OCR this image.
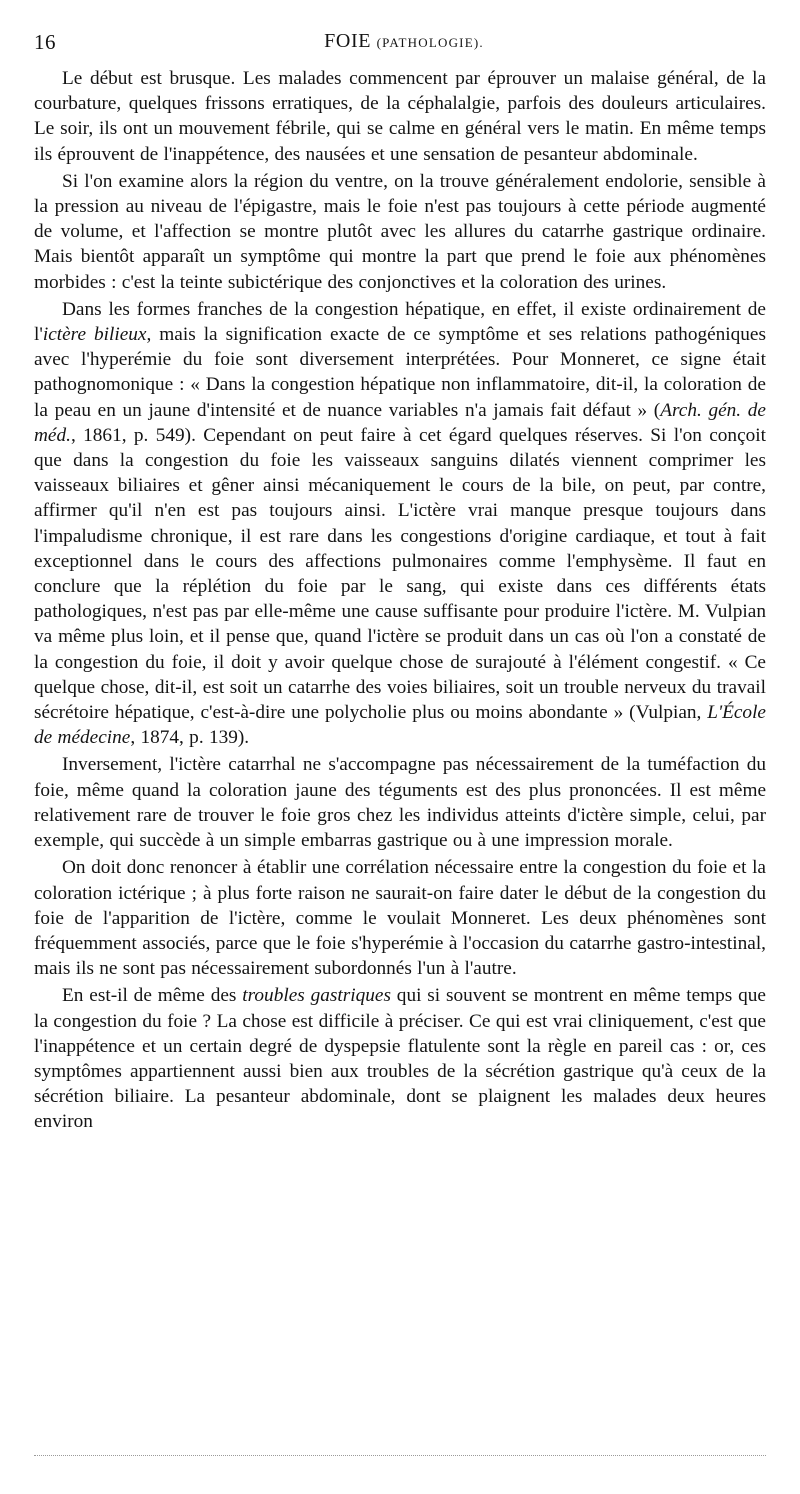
16	FOIE (PATHOLOGIE).

Le début est brusque. Les malades commencent par éprouver un malaise général, de la courbature, quelques frissons erratiques, de la céphalalgie, parfois des douleurs articulaires. Le soir, ils ont un mouvement fébrile, qui se calme en général vers le matin. En même temps ils éprouvent de l'inappétence, des nausées et une sensation de pesanteur abdominale.

Si l'on examine alors la région du ventre, on la trouve généralement endolorie, sensible à la pression au niveau de l'épigastre, mais le foie n'est pas toujours à cette période augmenté de volume, et l'affection se montre plutôt avec les allures du catarrhe gastrique ordinaire. Mais bientôt apparaît un symptôme qui montre la part que prend le foie aux phénomènes morbides : c'est la teinte subictérique des conjonctives et la coloration des urines.

Dans les formes franches de la congestion hépatique, en effet, il existe ordinairement de l'ictère bilieux, mais la signification exacte de ce symptôme et ses relations pathogéniques avec l'hyperémie du foie sont diversement interprétées. Pour Monneret, ce signe était pathognomonique : « Dans la congestion hépatique non inflammatoire, dit-il, la coloration de la peau en un jaune d'intensité et de nuance variables n'a jamais fait défaut » (Arch. gén. de méd., 1861, p. 549). Cependant on peut faire à cet égard quelques réserves. Si l'on conçoit que dans la congestion du foie les vaisseaux sanguins dilatés viennent comprimer les vaisseaux biliaires et gêner ainsi mécaniquement le cours de la bile, on peut, par contre, affirmer qu'il n'en est pas toujours ainsi. L'ictère vrai manque presque toujours dans l'impaludisme chronique, il est rare dans les congestions d'origine cardiaque, et tout à fait exceptionnel dans le cours des affections pulmonaires comme l'emphysème. Il faut en conclure que la réplétion du foie par le sang, qui existe dans ces différents états pathologiques, n'est pas par elle-même une cause suffisante pour produire l'ictère. M. Vulpian va même plus loin, et il pense que, quand l'ictère se produit dans un cas où l'on a constaté de la congestion du foie, il doit y avoir quelque chose de surajouté à l'élément congestif. « Ce quelque chose, dit-il, est soit un catarrhe des voies biliaires, soit un trouble nerveux du travail sécrétoire hépatique, c'est-à-dire une polycholie plus ou moins abondante » (Vulpian, L'École de médecine, 1874, p. 139).

Inversement, l'ictère catarrhal ne s'accompagne pas nécessairement de la tuméfaction du foie, même quand la coloration jaune des téguments est des plus prononcées. Il est même relativement rare de trouver le foie gros chez les individus atteints d'ictère simple, celui, par exemple, qui succède à un simple embarras gastrique ou à une impression morale.

On doit donc renoncer à établir une corrélation nécessaire entre la congestion du foie et la coloration ictérique ; à plus forte raison ne saurait-on faire dater le début de la congestion du foie de l'apparition de l'ictère, comme le voulait Monneret. Les deux phénomènes sont fréquemment associés, parce que le foie s'hyperémie à l'occasion du catarrhe gastro-intestinal, mais ils ne sont pas nécessairement subordonnés l'un à l'autre.

En est-il de même des troubles gastriques qui si souvent se montrent en même temps que la congestion du foie ? La chose est difficile à préciser. Ce qui est vrai cliniquement, c'est que l'inappétence et un certain degré de dyspepsie flatulente sont la règle en pareil cas : or, ces symptômes appartiennent aussi bien aux troubles de la sécrétion gastrique qu'à ceux de la sécrétion biliaire. La pesanteur abdominale, dont se plaignent les malades deux heures environ
